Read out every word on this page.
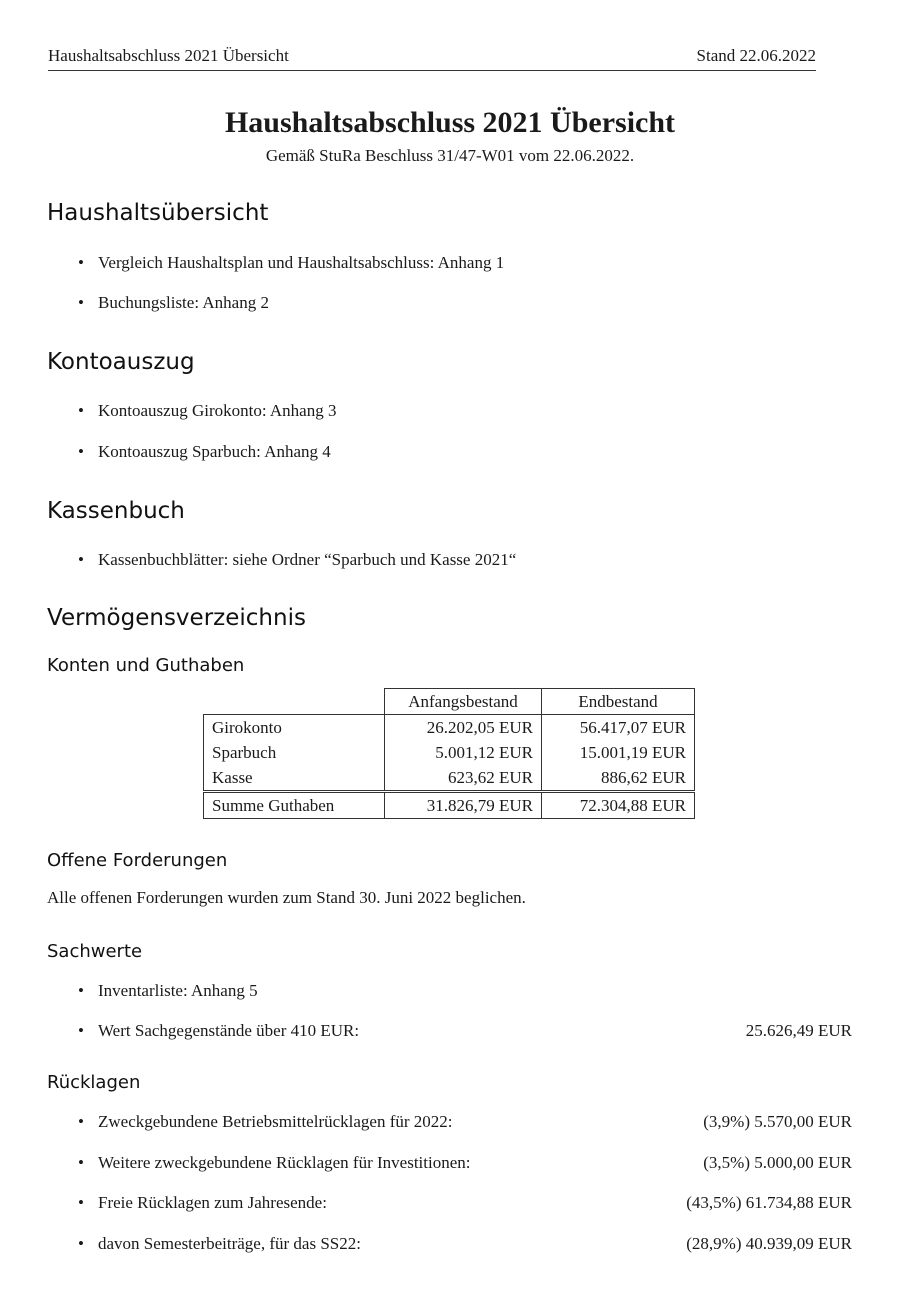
Haushaltsabschluss 2021 Übersicht	Stand 22.06.2022
Haushaltsabschluss 2021 Übersicht
Gemäß StuRa Beschluss 31/47-W01 vom 22.06.2022.
Haushaltsübersicht
• Vergleich Haushaltsplan und Haushaltsabschluss: Anhang 1
• Buchungsliste: Anhang 2
Kontoauszug
• Kontoauszug Girokonto: Anhang 3
• Kontoauszug Sparbuch: Anhang 4
Kassenbuch
• Kassenbuchblätter: siehe Ordner “Sparbuch und Kasse 2021“
Vermögensverzeichnis
Konten und Guthaben
	Anfangsbestand	Endbestand
Girokonto	26.202,05 EUR	56.417,07 EUR
Sparbuch	5.001,12 EUR	15.001,19 EUR
Kasse	623,62 EUR	886,62 EUR
Summe Guthaben	31.826,79 EUR	72.304,88 EUR
Offene Forderungen
Alle offenen Forderungen wurden zum Stand 30. Juni 2022 beglichen.
Sachwerte
• Inventarliste: Anhang 5
• Wert Sachgegenstände über 410 EUR:	25.626,49 EUR
Rücklagen
• Zweckgebundene Betriebsmittelrücklagen für 2022:	(3,9%) 5.570,00 EUR
• Weitere zweckgebundene Rücklagen für Investitionen:	(3,5%) 5.000,00 EUR
• Freie Rücklagen zum Jahresende:	(43,5%) 61.734,88 EUR
• davon Semesterbeiträge, für das SS22:	(28,9%) 40.939,09 EUR
